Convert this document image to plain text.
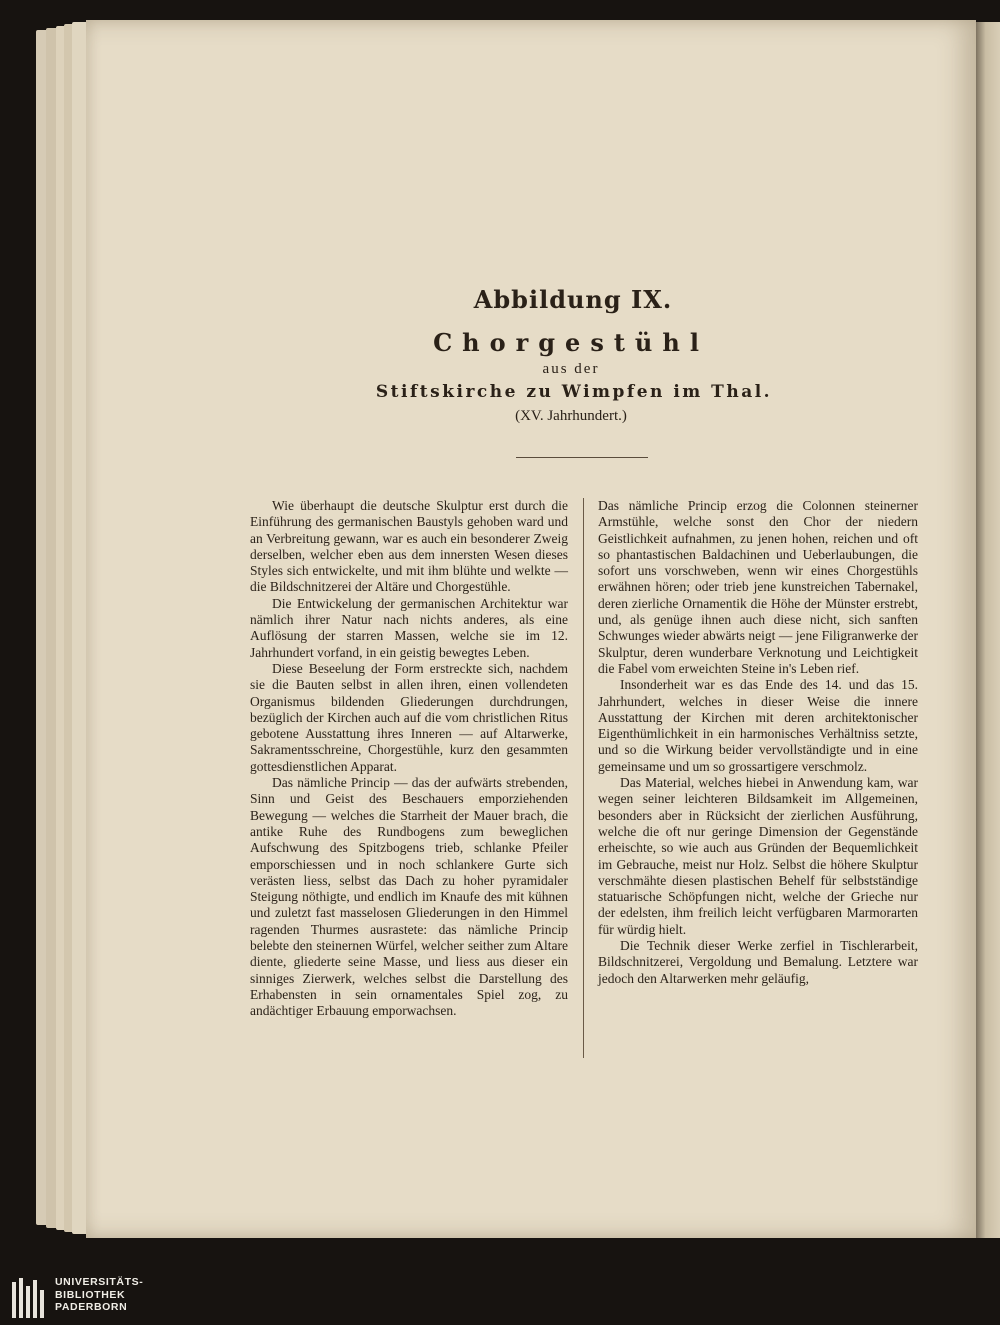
Abbildung IX.
Chorgestühl
aus der
Stiftskirche zu Wimpfen im Thal.
(XV. Jahrhundert.)

Wie überhaupt die deutsche Skulptur erst durch die Einführung des germanischen Baustyls gehoben ward und an Verbreitung gewann, war es auch ein besonderer Zweig derselben, welcher eben aus dem innersten Wesen dieses Styles sich entwickelte, und mit ihm blühte und welkte — die Bildschnitzerei der Altäre und Chorgestühle.

Die Entwickelung der germanischen Architektur war nämlich ihrer Natur nach nichts anderes, als eine Auflösung der starren Massen, welche sie im 12. Jahrhundert vorfand, in ein geistig bewegtes Leben.

Diese Beseelung der Form erstreckte sich, nachdem sie die Bauten selbst in allen ihren, einen vollendeten Organismus bildenden Gliederungen durchdrungen, bezüglich der Kirchen auch auf die vom christlichen Ritus gebotene Ausstattung ihres Inneren — auf Altarwerke, Sakramentsschreine, Chorgestühle, kurz den gesammten gottesdienstlichen Apparat.

Das nämliche Princip — das der aufwärts strebenden, Sinn und Geist des Beschauers emporziehenden Bewegung — welches die Starrheit der Mauer brach, die antike Ruhe des Rundbogens zum beweglichen Aufschwung des Spitzbogens trieb, schlanke Pfeiler emporschiessen und in noch schlankere Gurte sich verästen liess, selbst das Dach zu hoher pyramidaler Steigung nöthigte, und endlich im Knaufe des mit kühnen und zuletzt fast masselosen Gliederungen in den Himmel ragenden Thurmes ausrastete: das nämliche Princip belebte den steinernen Würfel, welcher seither zum Altare diente, gliederte seine Masse, und liess aus dieser ein sinniges Zierwerk, welches selbst die Darstellung des Erhabensten in sein ornamentales Spiel zog, zu andächtiger Erbauung emporwachsen.

Das nämliche Princip erzog die Colonnen steinerner Armstühle, welche sonst den Chor der niedern Geistlichkeit aufnahmen, zu jenen hohen, reichen und oft so phantastischen Baldachinen und Ueberlaubungen, die sofort uns vorschweben, wenn wir eines Chorgestühls erwähnen hören; oder trieb jene kunstreichen Tabernakel, deren zierliche Ornamentik die Höhe der Münster erstrebt, und, als genüge ihnen auch diese nicht, sich sanften Schwunges wieder abwärts neigt — jene Filigranwerke der Skulptur, deren wunderbare Verknotung und Leichtigkeit die Fabel vom erweichten Steine in's Leben rief.

Insonderheit war es das Ende des 14. und das 15. Jahrhundert, welches in dieser Weise die innere Ausstattung der Kirchen mit deren architektonischer Eigenthümlichkeit in ein harmonisches Verhältniss setzte, und so die Wirkung beider vervollständigte und in eine gemeinsame und um so grossartigere verschmolz.

Das Material, welches hiebei in Anwendung kam, war wegen seiner leichteren Bildsamkeit im Allgemeinen, besonders aber in Rücksicht der zierlichen Ausführung, welche die oft nur geringe Dimension der Gegenstände erheischte, so wie auch aus Gründen der Bequemlichkeit im Gebrauche, meist nur Holz. Selbst die höhere Skulptur verschmähte diesen plastischen Behelf für selbstständige statuarische Schöpfungen nicht, welche der Grieche nur der edelsten, ihm freilich leicht verfügbaren Marmorarten für würdig hielt.

Die Technik dieser Werke zerfiel in Tischlerarbeit, Bildschnitzerei, Vergoldung und Bemalung. Letztere war jedoch den Altarwerken mehr geläufig,

UNIVERSITÄTS-
BIBLIOTHEK
PADERBORN
